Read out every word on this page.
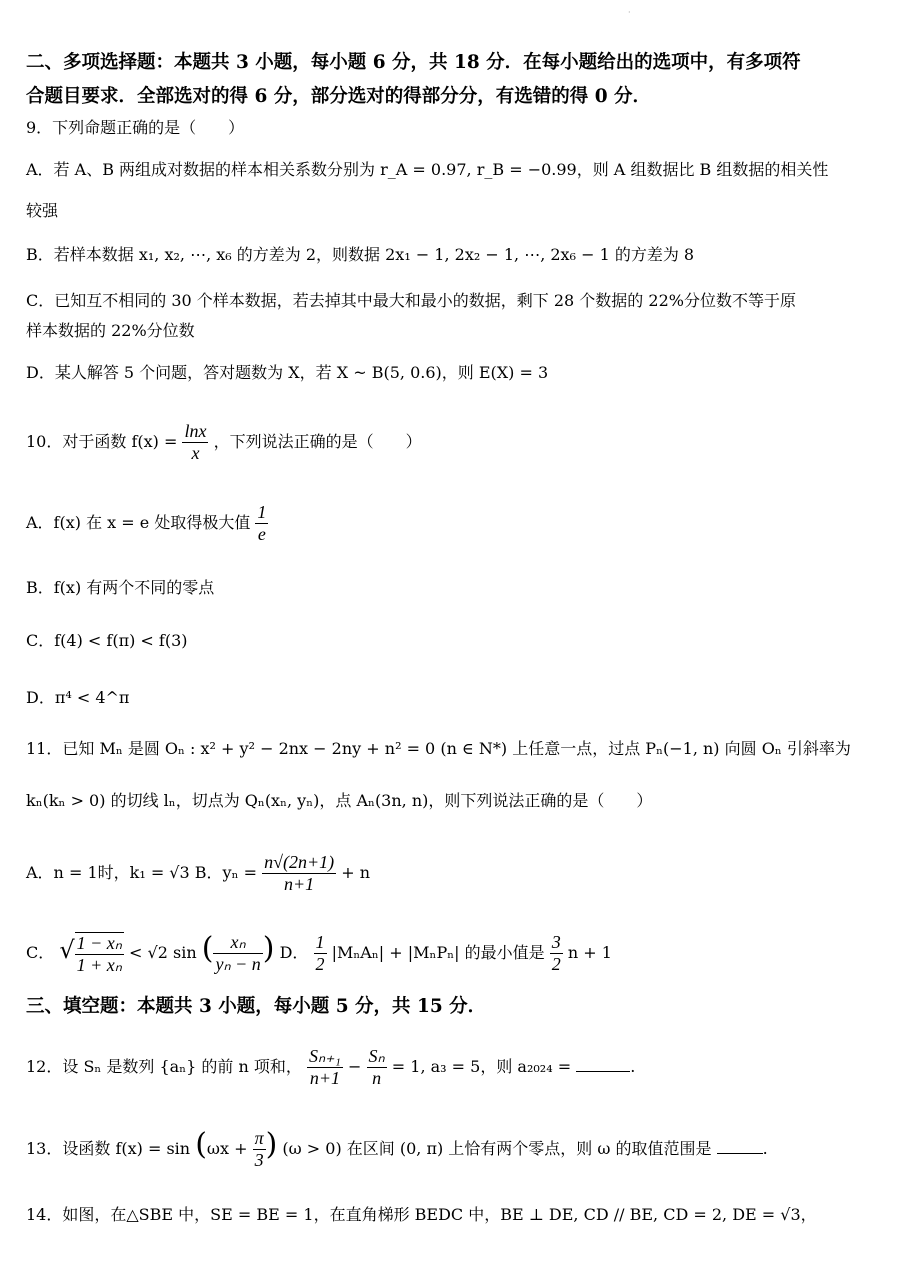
·
二、多项选择题：本题共 3 小题，每小题 6 分，共 18 分．在每小题给出的选项中，有多项符
合题目要求．全部选对的得 6 分，部分选对的得部分分，有选错的得 0 分．
9．下列命题正确的是（　　）
A．若 A、B 两组成对数据的样本相关系数分别为 r_A = 0.97, r_B = −0.99，则 A 组数据比 B 组数据的相关性
较强
B．若样本数据 x₁, x₂, ⋯, x₆ 的方差为 2，则数据 2x₁ − 1, 2x₂ − 1, ⋯, 2x₆ − 1 的方差为 8
C．已知互不相同的 30 个样本数据，若去掉其中最大和最小的数据，剩下 28 个数据的 22%分位数不等于原
样本数据的 22%分位数
D．某人解答 5 个问题，答对题数为 X，若 X ~ B(5, 0.6)，则 E(X) = 3
10．对于函数 $f(x) = \frac{\ln x}{x}$ ，下列说法正确的是（　　）
A．f(x) 在 x = e 处取得极大值 $\frac{1}{e}$
B．f(x) 有两个不同的零点
C．f(4) < f(π) < f(3)
D．π⁴ < 4^π
11．已知 Mₙ 是圆 Oₙ : x² + y² − 2nx − 2ny + n² = 0 (n ∈ N*) 上任意一点，过点 Pₙ(−1, n) 向圆 Oₙ 引斜率为
kₙ(kₙ > 0) 的切线 lₙ，切点为 Qₙ(xₙ, yₙ)，点 Aₙ(3n, n)，则下列说法正确的是（　　）
A．n = 1时，k₁ = √3 B．$y_n = \frac{n√(2n+1)}{n+1} + n$
C． √ $\frac{\text{1 − xₙ}}{\text{1 + xₙ}} < √2$ sin ( $\frac{\text{xₙ}}{\text{yₙ − n}}$ ) D． $\frac{1}{2} |M_nA_n| + |M_nP_n|$ 的最小值是 $\frac{3}{2}$ n + 1
三、填空题：本题共 3 小题，每小题 5 分，共 15 分．
12．设 Sₙ 是数列 {aₙ} 的前 n 项和， $\frac{\text{Sₙ₊₁}}{n+1} - \frac{\text{Sₙ}}{n} = 1$, a₃ = 5，则 a₂₀₂₄ =	.
13．设函数 $f(x) = \sin (\omega x + \frac{\pi}{3}$ ) (ω > 0) 在区间 (0, π) 上恰有两个零点，则 ω 的取值范围是	.
14．如图，在△SBE 中，SE = BE = 1，在直角梯形 BEDC 中，BE ⊥ DE, CD // BE, CD = 2, DE = √3，
